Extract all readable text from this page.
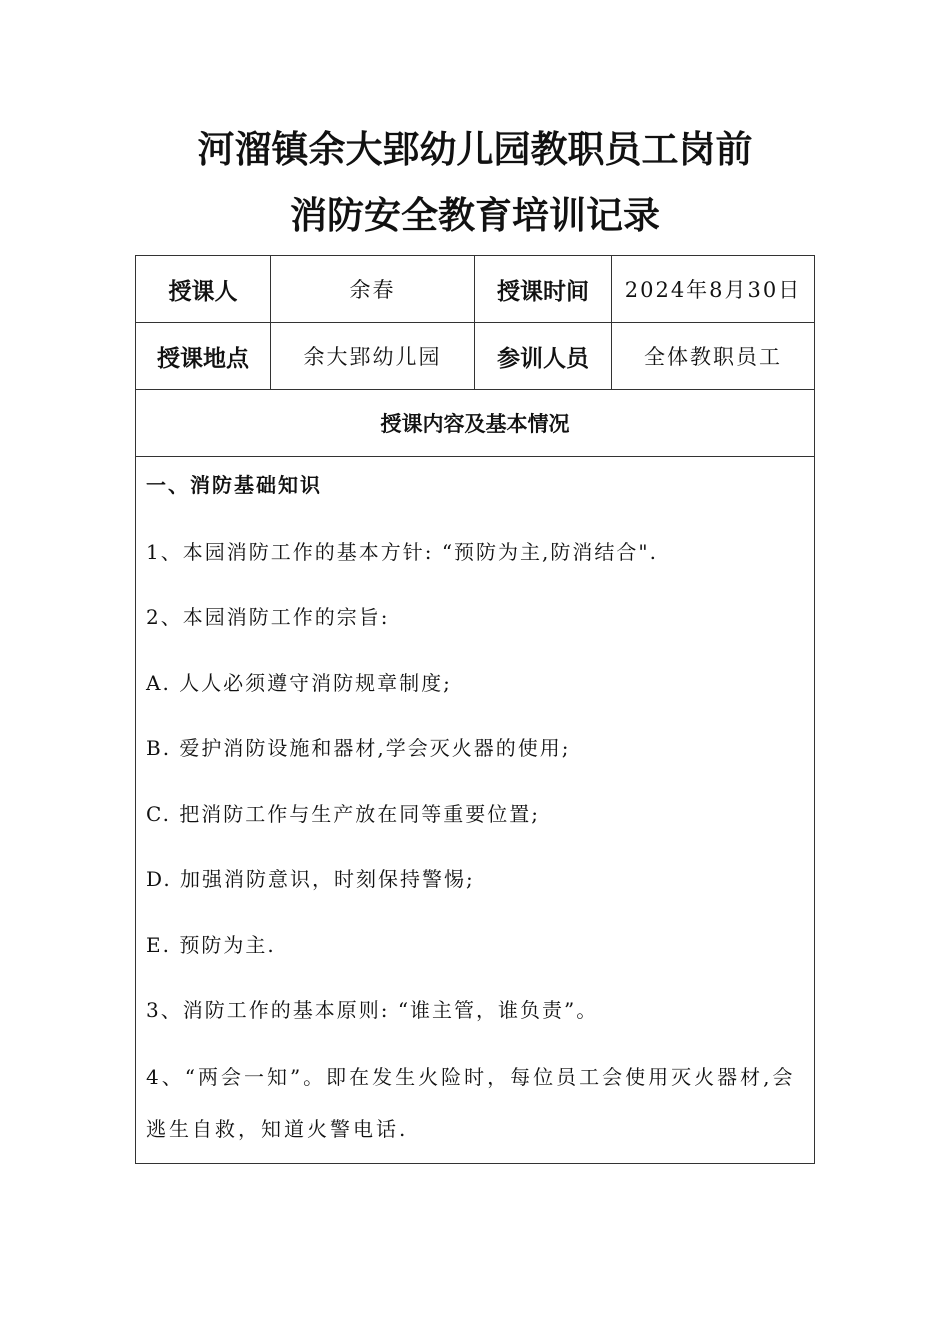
河溜镇余大郢幼儿园教职员工岗前
消防安全教育培训记录
授课人	余春	授课时间 2024年8月30日
授课地点	余大郢幼儿园 参训人员	全体教职员工
授课内容及基本情况
一、消防基础知识
1、本园消防工作的基本方针: “预防为主,防消结合".
2、本园消防工作的宗旨:
A. 人人必须遵守消防规章制度;
B. 爱护消防设施和器材,学会灭火器的使用;
C. 把消防工作与生产放在同等重要位置;
D. 加强消防意识，时刻保持警惕;
E. 预防为主.
3、消防工作的基本原则: “谁主管，谁负责”。
4、“两会一知”。即在发生火险时，每位员工会使用灭火器材,会逃生自救，知道火警电话.
